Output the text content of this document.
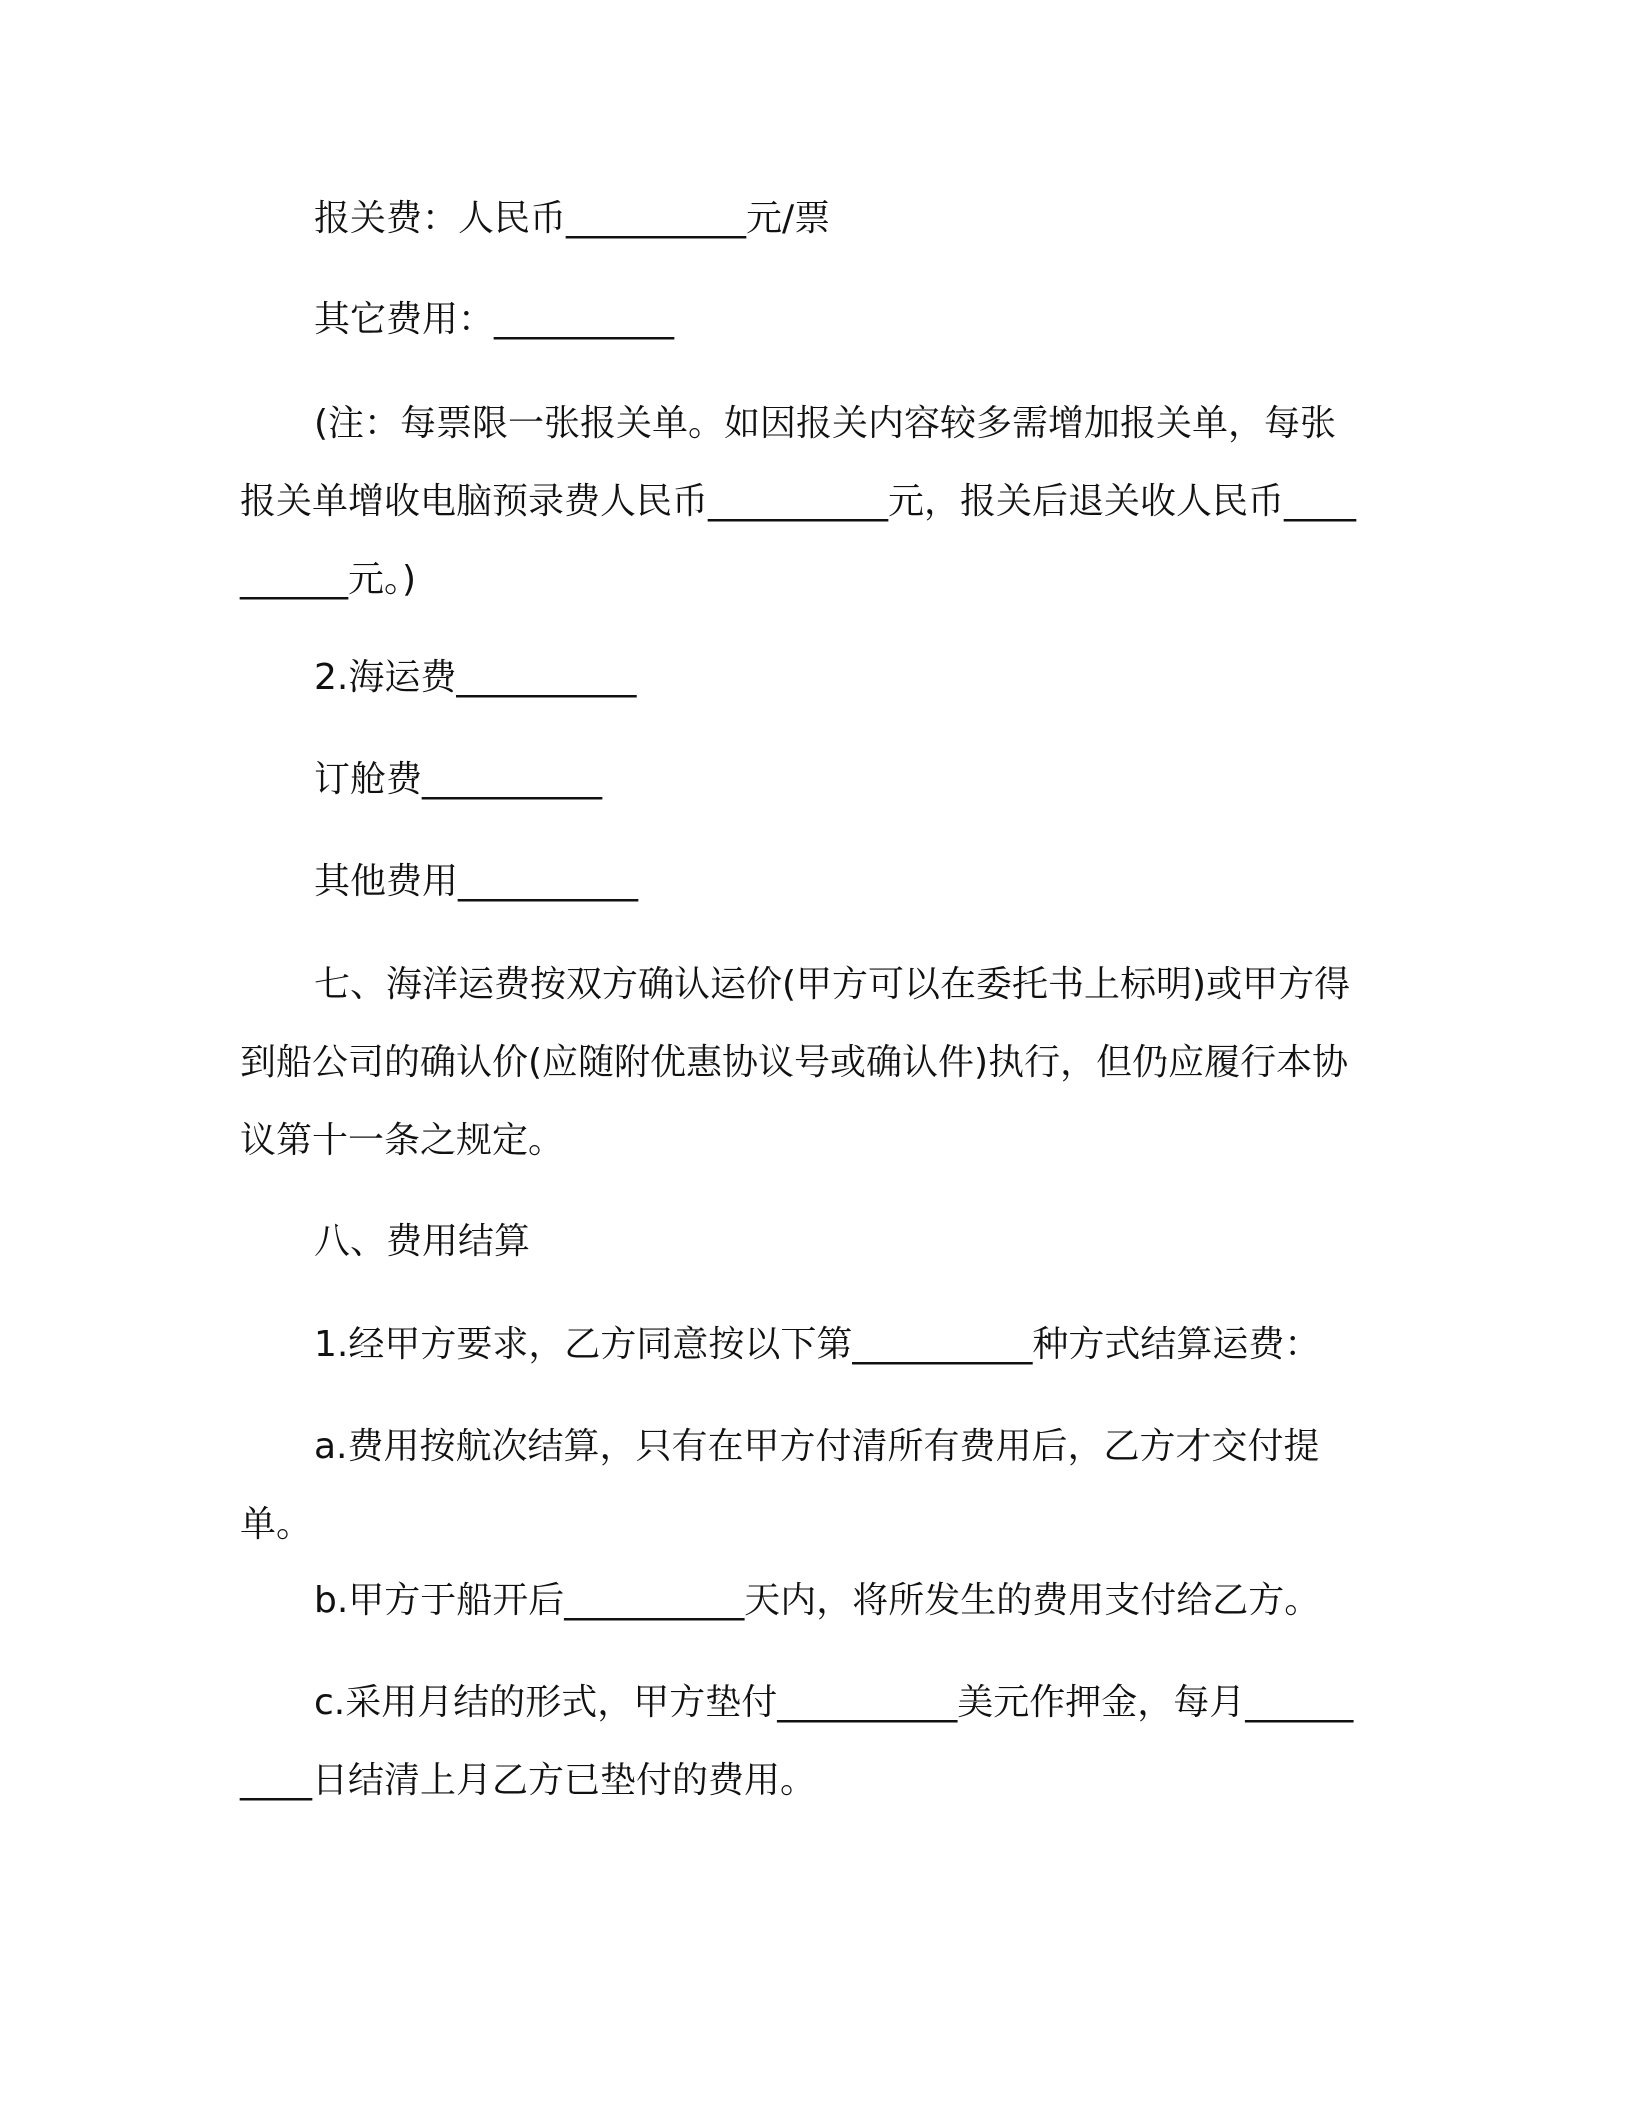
报关费：人民币__________元/票
其它费用：__________
(注：每票限一张报关单。如因报关内容较多需增加报关单，每张报关单增收电脑预录费人民币__________元，报关后退关收人民币__________元。)
2.海运费__________
订舱费__________
其他费用__________
七、海洋运费按双方确认运价(甲方可以在委托书上标明)或甲方得到船公司的确认价(应随附优惠协议号或确认件)执行，但仍应履行本协议第十一条之规定。
八、费用结算
1.经甲方要求，乙方同意按以下第__________种方式结算运费：
a.费用按航次结算，只有在甲方付清所有费用后，乙方才交付提单。
b.甲方于船开后__________天内，将所发生的费用支付给乙方。
c.采用月结的形式，甲方垫付__________美元作押金，每月__________日结清上月乙方已垫付的费用。
